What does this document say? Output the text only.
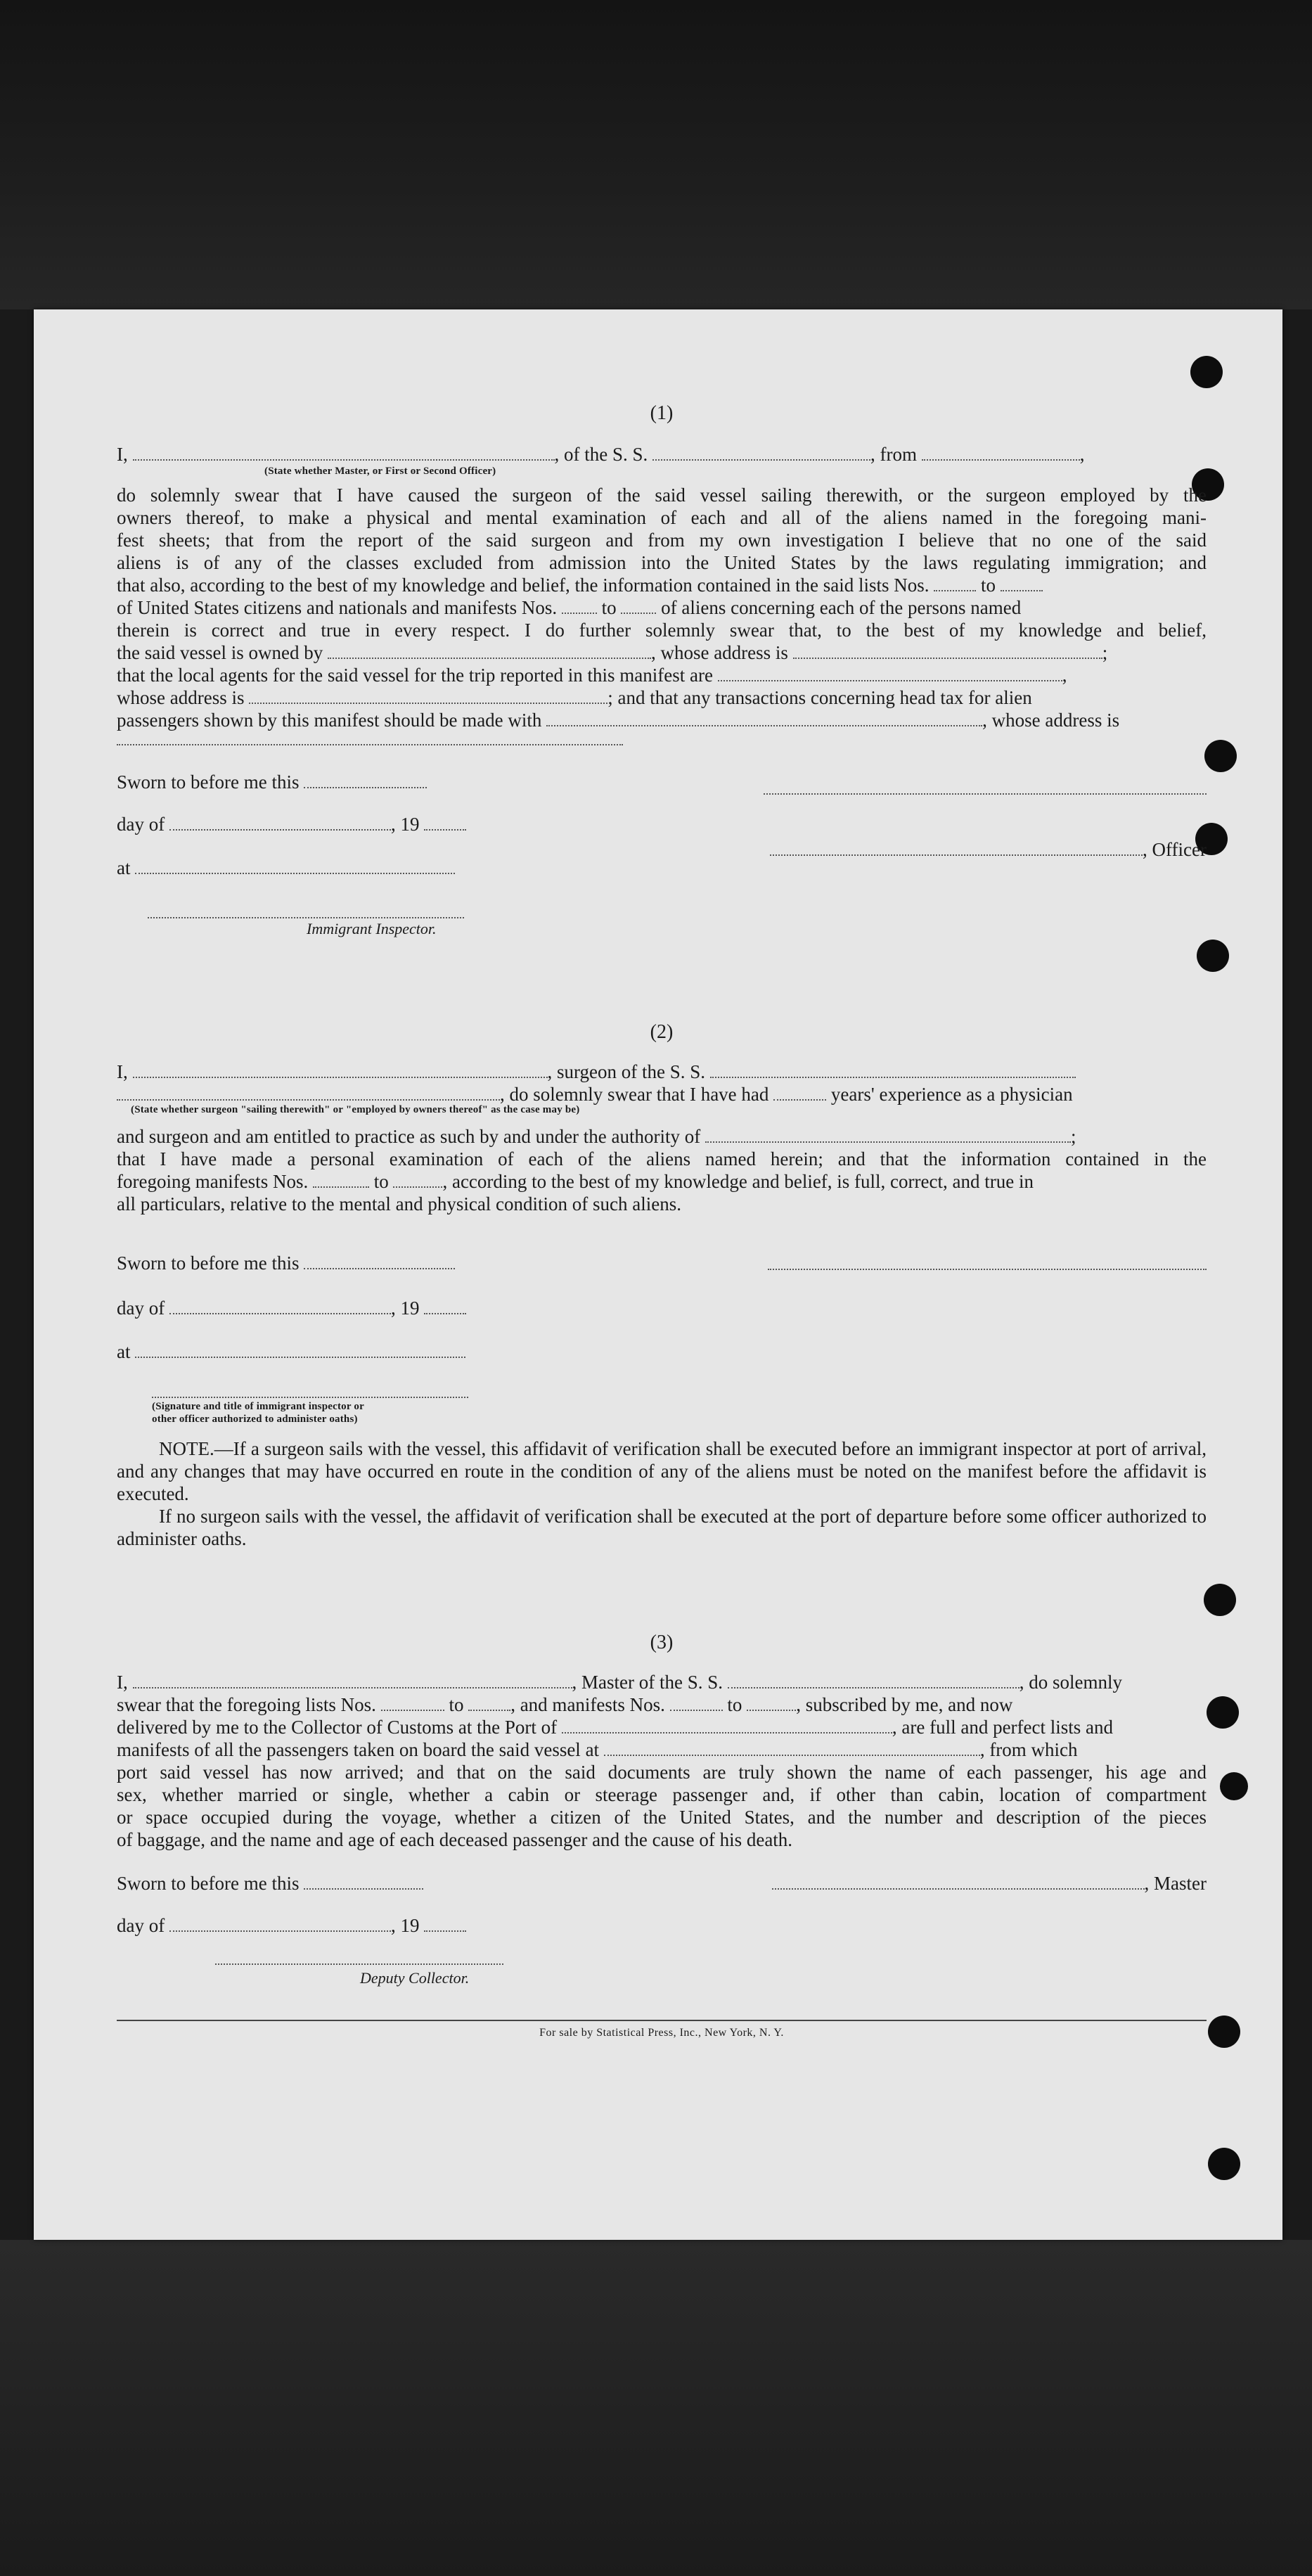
(1)
I,	, of the S. S.	, from	,
(State whether Master, or First or Second Officer)
do solemnly swear that I have caused the surgeon of the said vessel sailing therewith, or the surgeon employed by the
owners thereof, to make a physical and mental examination of each and all of the aliens named in the foregoing mani-
fest sheets; that from the report of the said surgeon and from my own investigation I believe that no one of the said
aliens is of any of the classes excluded from admission into the United States by the laws regulating immigration; and
that also, according to the best of my knowledge and belief, the information contained in the said lists Nos.	to
of United States citizens and nationals and manifests Nos. to of aliens concerning each of the persons named
therein is correct and true in every respect. I do further solemnly swear that, to the best of my knowledge and belief,
the said vessel is owned by	, whose address is	;
that the local agents for the said vessel for the trip reported in this manifest are	,
whose address is	; and that any transactions concerning head tax for alien
passengers shown by this manifest should be made with	, whose address is
Sworn to before me this
day of	, 19
, Officer
at
Immigrant Inspector.
(2)
I,	, surgeon of the S. S.
, do solemnly swear that I have had	years' experience as a physician
(State whether surgeon "sailing therewith" or "employed by owners thereof" as the case may be)
and surgeon and am entitled to practice as such by and under the authority of	;
that I have made a personal examination of each of the aliens named herein; and that the information contained in the
foregoing manifests Nos.	to	, according to the best of my knowledge and belief, is full, correct, and true in
all particulars, relative to the mental and physical condition of such aliens.
Sworn to before me this
day of	, 19
at
(Signature and title of immigrant inspector or
other officer authorized to administer oaths)
NOTE.—If a surgeon sails with the vessel, this affidavit of verification shall be executed before an immigrant inspector at port of arrival, and any changes that may have occurred en route in the condition of any of the aliens must be noted on the manifest before the affidavit is executed.
If no surgeon sails with the vessel, the affidavit of verification shall be executed at the port of departure before some officer authorized to administer oaths.
(3)
I,	, Master of the S. S.	, do solemnly
swear that the foregoing lists Nos.	to , and manifests Nos.	to	, subscribed by me, and now
delivered by me to the Collector of Customs at the Port of	, are full and perfect lists and
manifests of all the passengers taken on board the said vessel at	, from which
port said vessel has now arrived; and that on the said documents are truly shown the name of each passenger, his age and
sex, whether married or single, whether a cabin or steerage passenger and, if other than cabin, location of compartment
or space occupied during the voyage, whether a citizen of the United States, and the number and description of the pieces
of baggage, and the name and age of each deceased passenger and the cause of his death.
Sworn to before me this	, Master
day of	, 19
Deputy Collector.
For sale by Statistical Press, Inc., New York, N. Y.
